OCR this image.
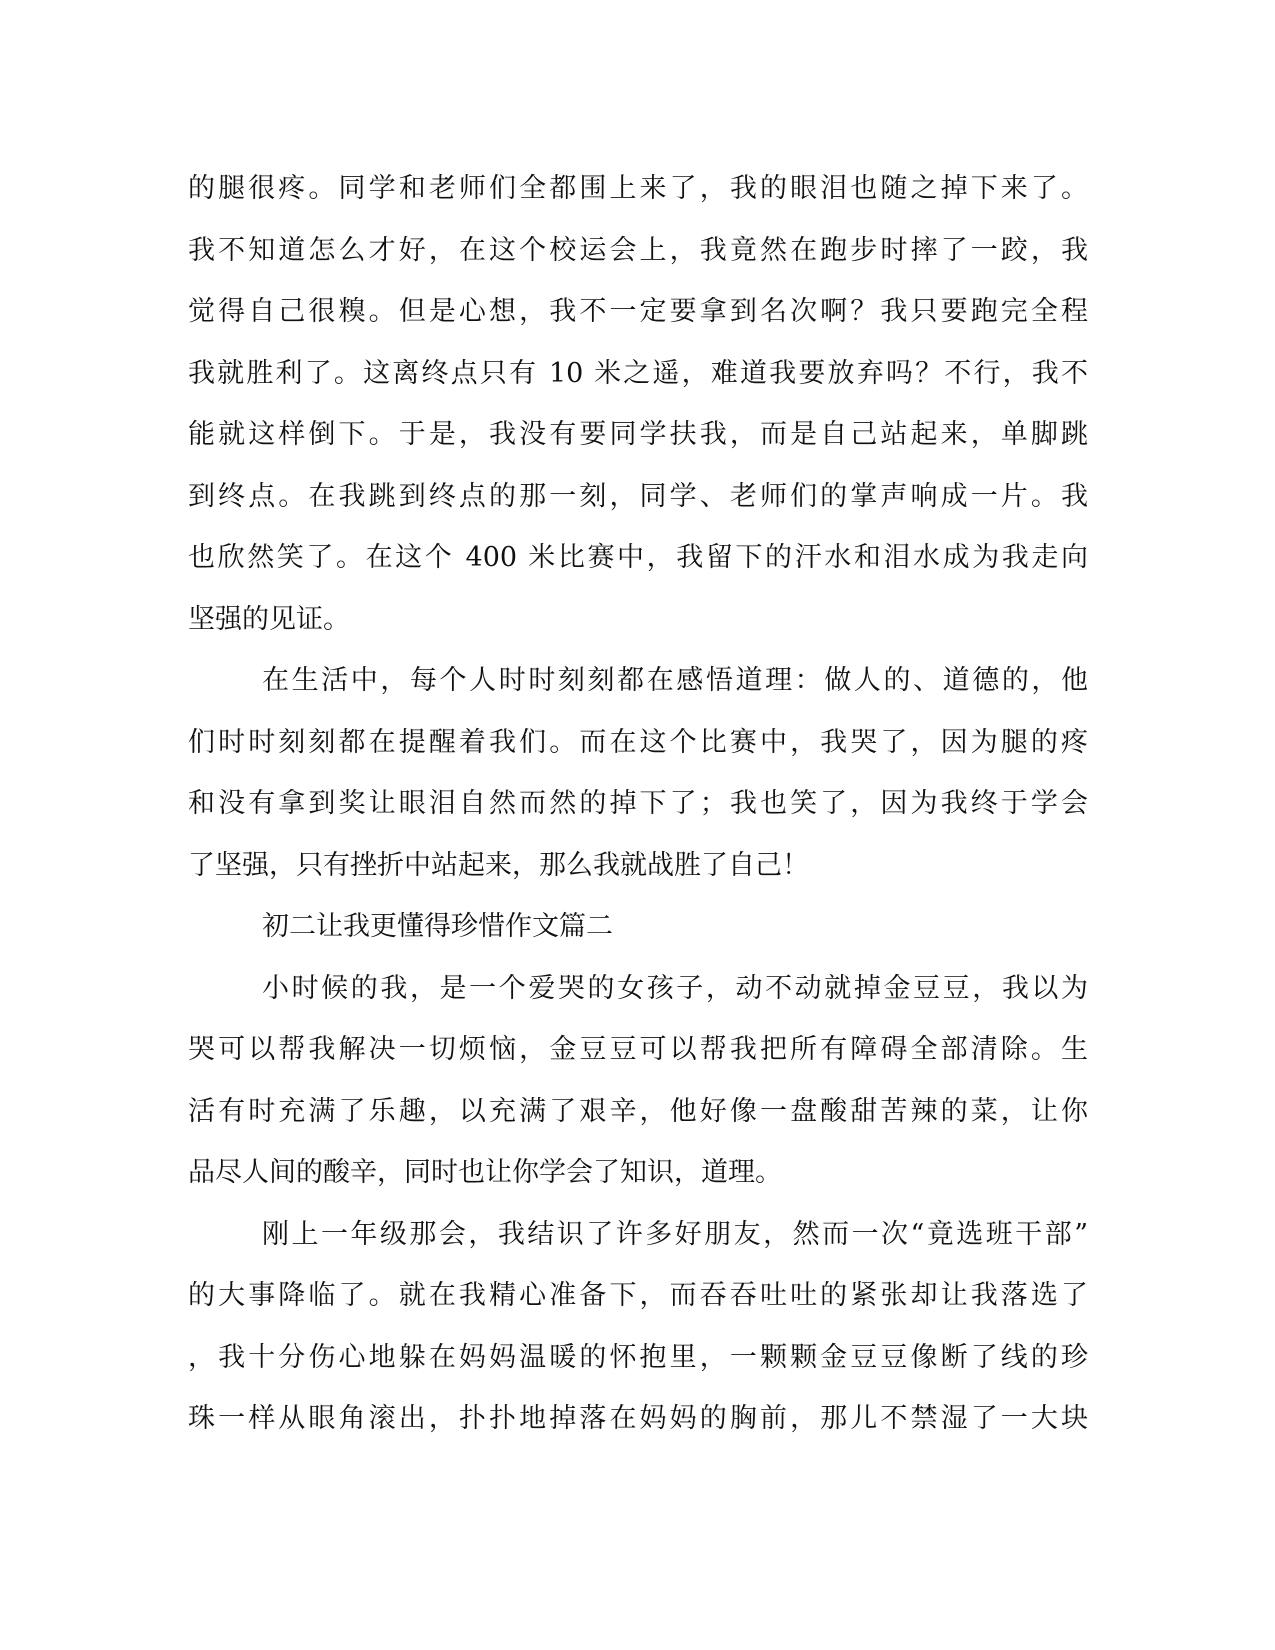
的腿很疼。同学和老师们全都围上来了，我的眼泪也随之掉下来了。
我不知道怎么才好，在这个校运会上，我竟然在跑步时摔了一跤，我
觉得自己很糗。但是心想，我不一定要拿到名次啊？我只要跑完全程
我就胜利了。这离终点只有 10 米之遥，难道我要放弃吗？不行，我不
能就这样倒下。于是，我没有要同学扶我，而是自己站起来，单脚跳
到终点。在我跳到终点的那一刻，同学、老师们的掌声响成一片。我
也欣然笑了。在这个 400 米比赛中，我留下的汗水和泪水成为我走向
坚强的见证。
在生活中，每个人时时刻刻都在感悟道理：做人的、道德的，他
们时时刻刻都在提醒着我们。而在这个比赛中，我哭了，因为腿的疼
和没有拿到奖让眼泪自然而然的掉下了；我也笑了，因为我终于学会
了坚强，只有挫折中站起来，那么我就战胜了自己！
初二让我更懂得珍惜作文篇二
小时候的我，是一个爱哭的女孩子，动不动就掉金豆豆，我以为
哭可以帮我解决一切烦恼，金豆豆可以帮我把所有障碍全部清除。生
活有时充满了乐趣，以充满了艰辛，他好像一盘酸甜苦辣的菜，让你
品尽人间的酸辛，同时也让你学会了知识，道理。
刚上一年级那会，我结识了许多好朋友，然而一次“竟选班干部”
的大事降临了。就在我精心准备下，而吞吞吐吐的紧张却让我落选了
，我十分伤心地躲在妈妈温暖的怀抱里，一颗颗金豆豆像断了线的珍
珠一样从眼角滚出，扑扑地掉落在妈妈的胸前，那儿不禁湿了一大块
